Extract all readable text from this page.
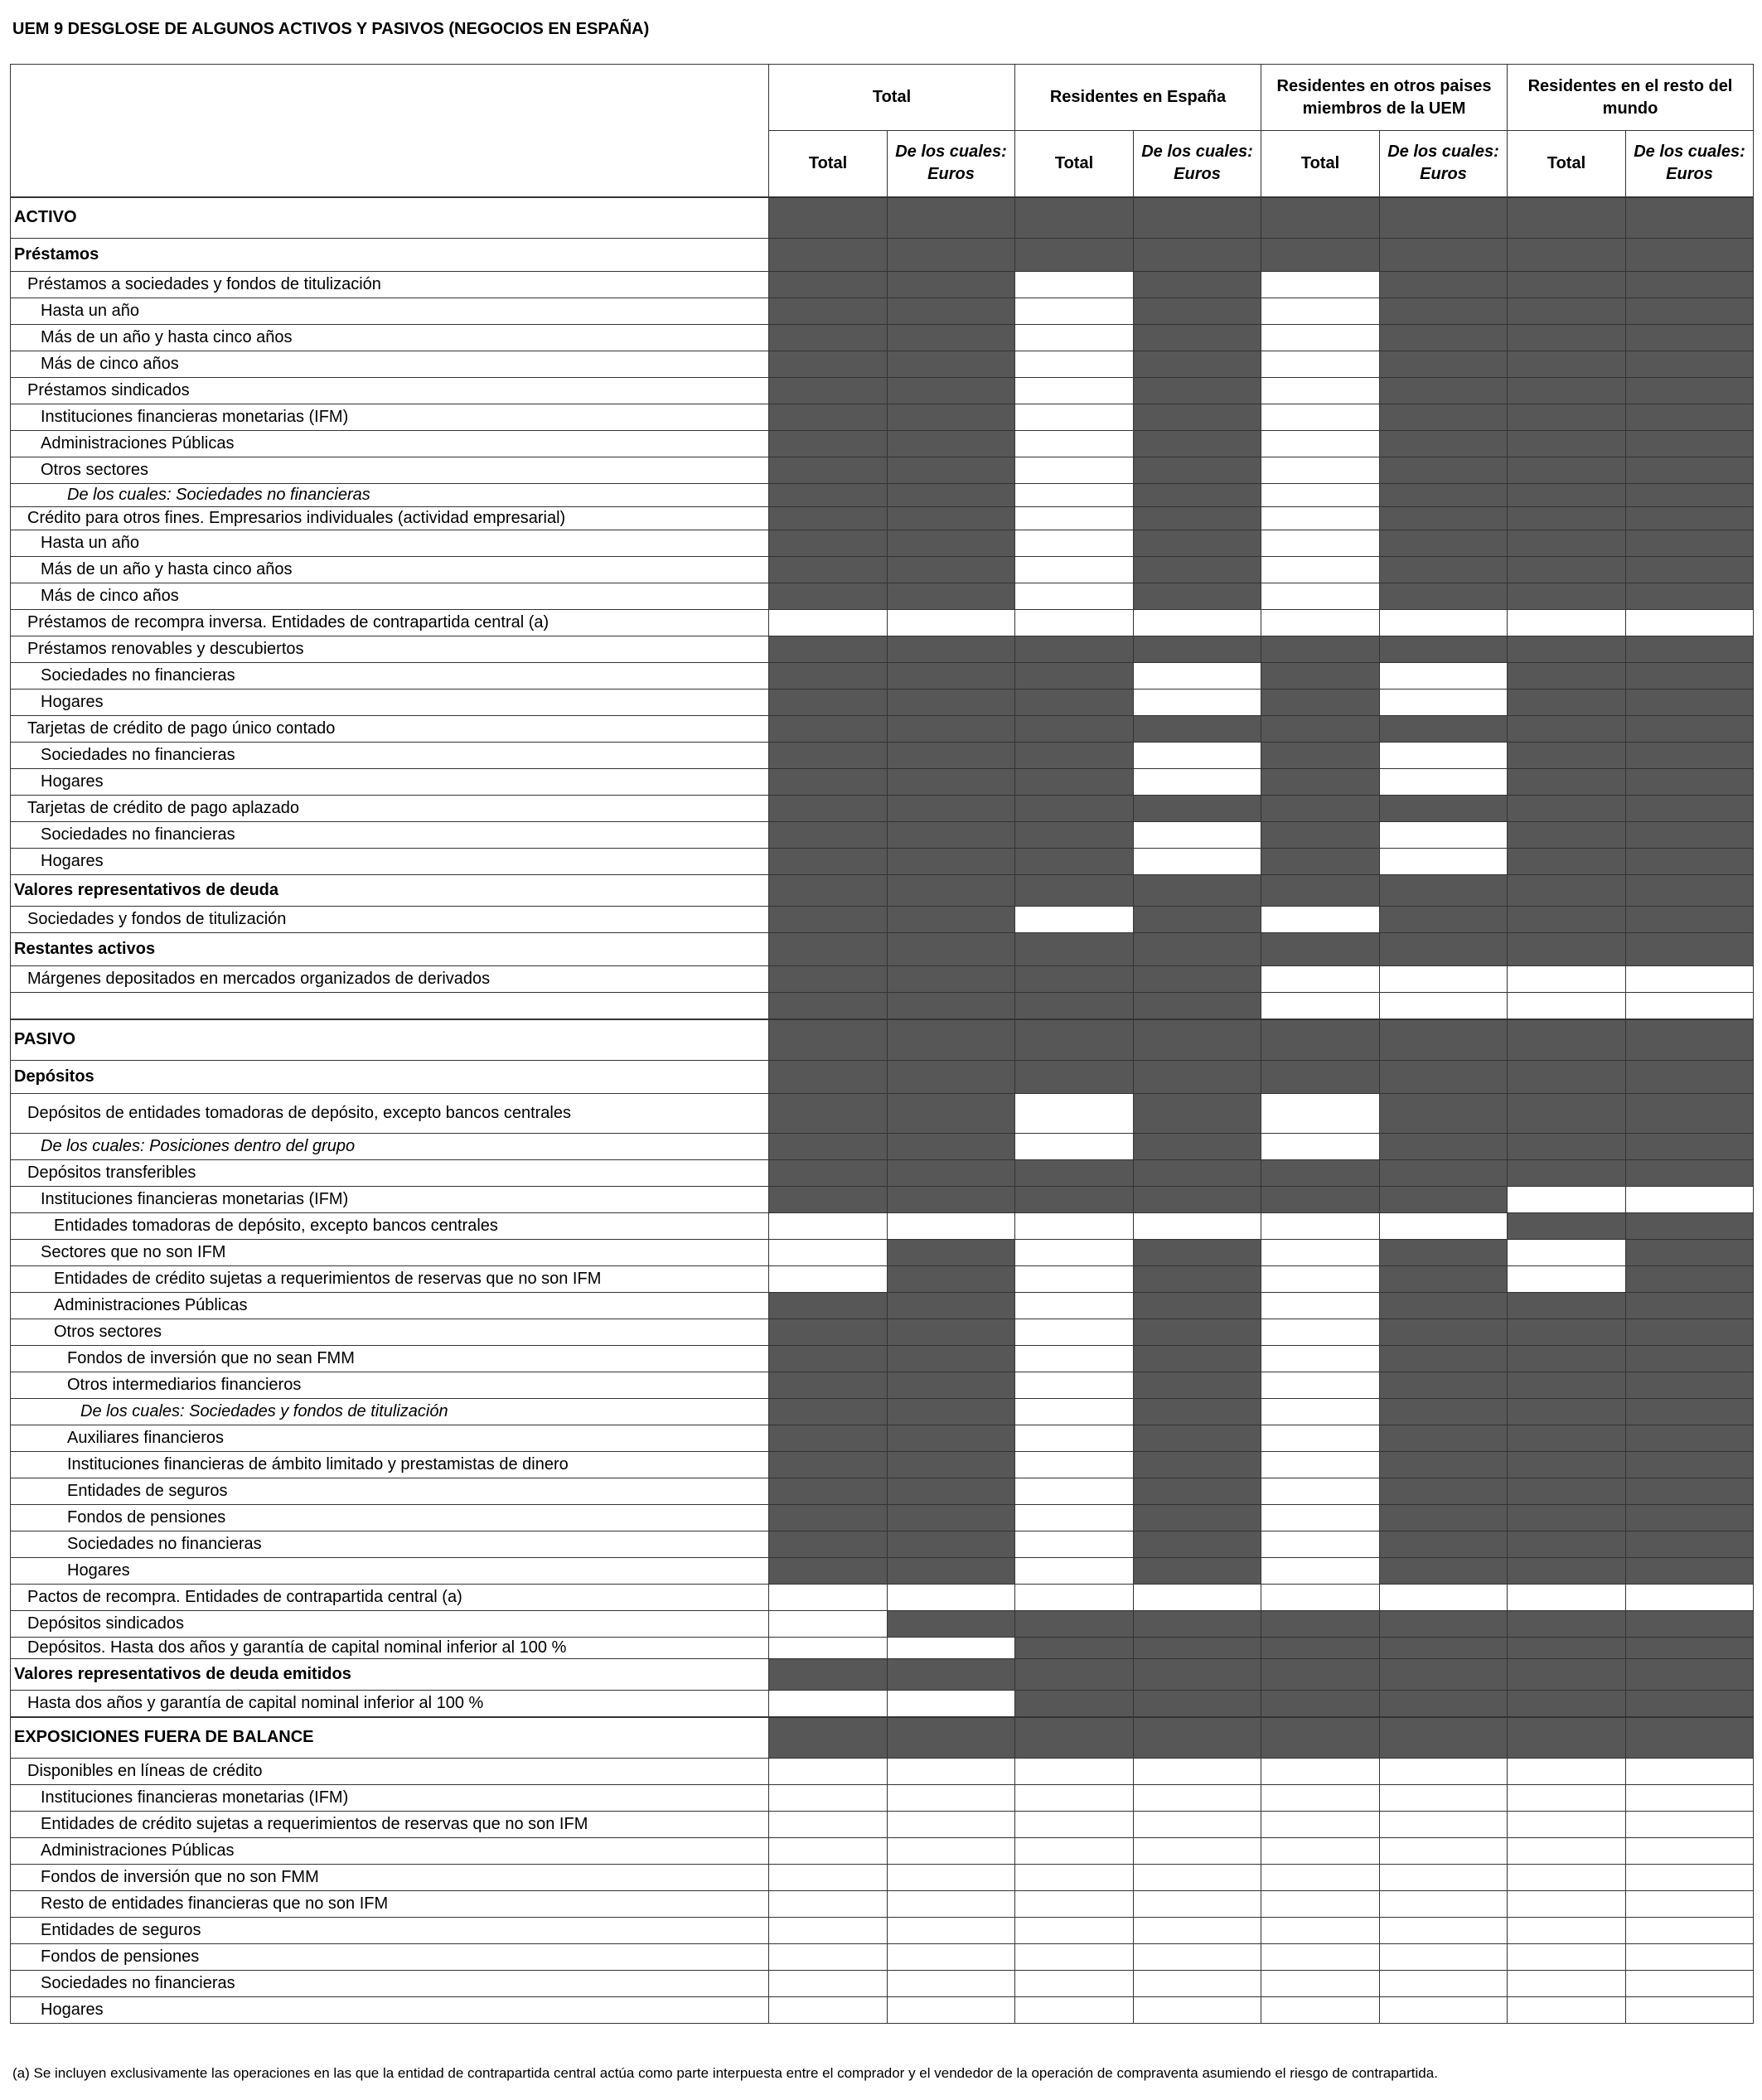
UEM 9 DESGLOSE DE ALGUNOS ACTIVOS Y PASIVOS (NEGOCIOS EN ESPAÑA)
	Total		Residentes en España		Residentes en otros paises miembros de la UEM		Residentes en el resto del mundo	
	Total	De los cuales: Euros	Total	De los cuales: Euros	Total	De los cuales: Euros	Total	De los cuales: Euros
ACTIVO								
Préstamos								
Préstamos a sociedades y fondos de titulización								
Hasta un año								
Más de un año y hasta cinco años								
Más de cinco años								
Préstamos sindicados								
Instituciones financieras monetarias (IFM)								
Administraciones Públicas								
Otros sectores								
De los cuales: Sociedades no financieras								
Crédito para otros fines. Empresarios individuales (actividad empresarial)								
Hasta un año								
Más de un año y hasta cinco años								
Más de cinco años								
Préstamos de recompra inversa. Entidades de contrapartida central (a)								
Préstamos renovables y descubiertos								
Sociedades no financieras								
Hogares								
Tarjetas de crédito de pago único contado								
Sociedades no financieras								
Hogares								
Tarjetas de crédito de pago aplazado								
Sociedades no financieras								
Hogares								
Valores representativos de deuda								
Sociedades y fondos de titulización								
Restantes activos								
Márgenes depositados en mercados organizados de derivados								

PASIVO								
Depósitos								
Depósitos de entidades tomadoras de depósito, excepto bancos centrales								
De los cuales: Posiciones dentro del grupo								
Depósitos transferibles								
Instituciones financieras monetarias (IFM)								
Entidades tomadoras de depósito, excepto bancos centrales								
Sectores que no son IFM								
Entidades de crédito sujetas a requerimientos de reservas que no son IFM								
Administraciones Públicas								
Otros sectores								
Fondos de inversión que no sean FMM								
Otros intermediarios financieros								
De los cuales: Sociedades y fondos de titulización								
Auxiliares financieros								
Instituciones financieras de ámbito limitado y prestamistas de dinero								
Entidades de seguros								
Fondos de pensiones								
Sociedades no financieras								
Hogares								
Pactos de recompra. Entidades de contrapartida central (a)								
Depósitos sindicados								
Depósitos. Hasta dos años y garantía de capital nominal inferior al 100 %								
Valores representativos de deuda emitidos								
Hasta dos años y garantía de capital nominal inferior al 100 %								
EXPOSICIONES FUERA DE BALANCE								
Disponibles en líneas de crédito								
Instituciones financieras monetarias (IFM)								
Entidades de crédito sujetas a requerimientos de reservas que no son IFM								
Administraciones Públicas								
Fondos de inversión que no son FMM								
Resto de entidades financieras que no son IFM								
Entidades de seguros								
Fondos de pensiones								
Sociedades no financieras								
Hogares								
(a) Se incluyen exclusivamente las operaciones en las que la entidad de contrapartida central actúa como parte interpuesta entre el comprador y el vendedor de la operación de compraventa asumiendo el riesgo de contrapartida.
